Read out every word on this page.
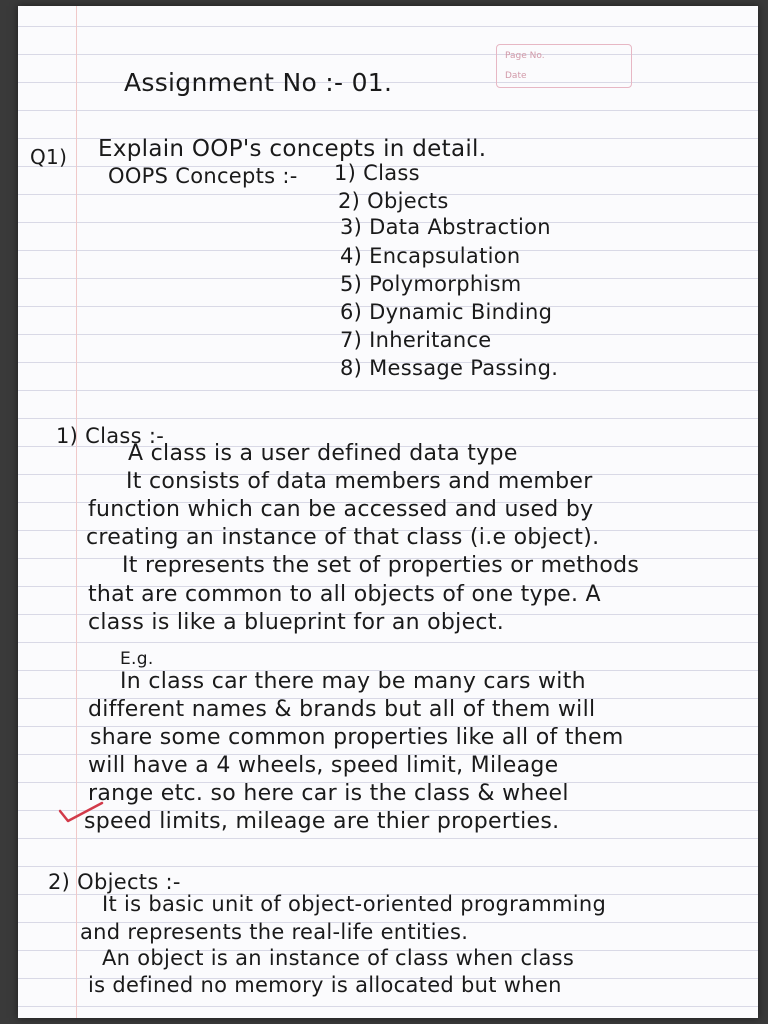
Page No.
Date
Assignment No :- 01.
Q1) Explain OOP's concepts in detail.
OOPS Concepts :- 1) Class
2) Objects
3) Data Abstraction
4) Encapsulation
5) Polymorphism
6) Dynamic Binding
7) Inheritance
8) Message Passing.
1) Class :-
A class is a user defined data type
It consists of data members and member
function which can be accessed and used by
creating an instance of that class (i.e object).
It represents the set of properties or methods
that are common to all objects of one type. A
class is like a blueprint for an object.
E.g.
In class car there may be many cars with
different names & brands but all of them will
share some common properties like all of them
will have a 4 wheels, speed limit, Mileage
range etc. so here car is the class & wheel
speed limits, mileage are thier properties.
2) Objects :-
It is basic unit of object-oriented programming
and represents the real-life entities.
An object is an instance of class when class
is defined no memory is allocated but when
